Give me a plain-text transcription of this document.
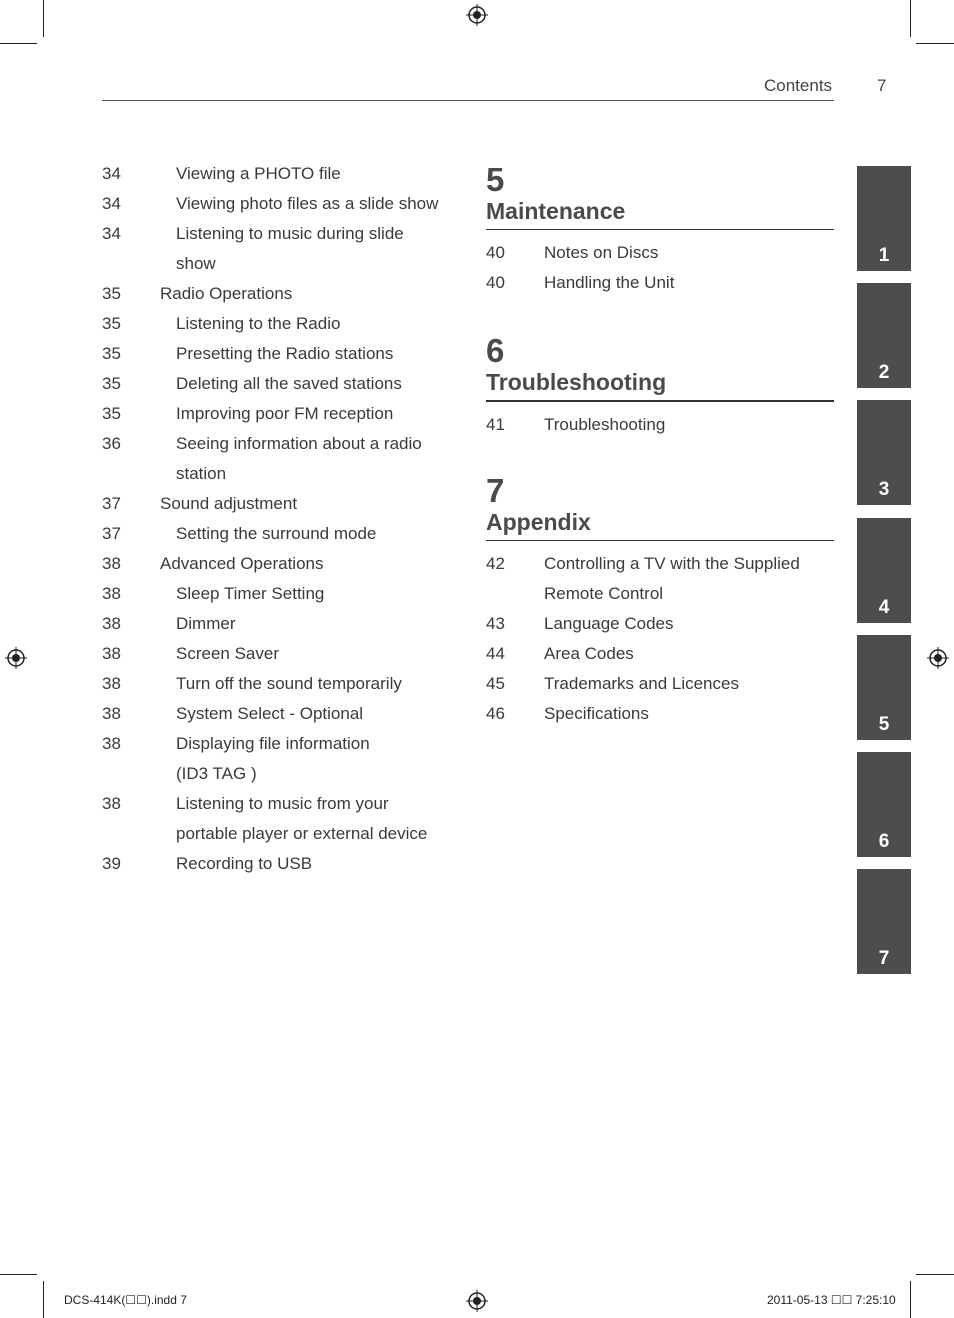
Contents	7
34	Viewing a PHOTO file
34	Viewing photo files as a slide show
34	Listening to music during slide
show
35 Radio Operations
35	Listening to the Radio
35	Presetting the Radio stations
35	Deleting all the saved stations
35	Improving poor FM reception
36	Seeing information about a radio
station
37 Sound adjustment
37	Setting the surround mode
38 Advanced Operations
38	Sleep Timer Setting
38	Dimmer
38	Screen Saver
38	Turn off the sound temporarily
38	System Select - Optional
38	Displaying file information
(ID3 TAG )
38	Listening to music from your
portable player or external device
39	Recording to USB
5
Maintenance
40 Notes on Discs
40 Handling the Unit
6
Troubleshooting
41 Troubleshooting
7
Appendix
42 Controlling a TV with the Supplied
Remote Control
43 Language Codes
44 Area Codes
45 Trademarks and Licences
46 Specifications
1
2
3
4
5
6
7
DCS-414K(☐☐).indd 7	2011-05-13 ☐☐ 7:25:10
